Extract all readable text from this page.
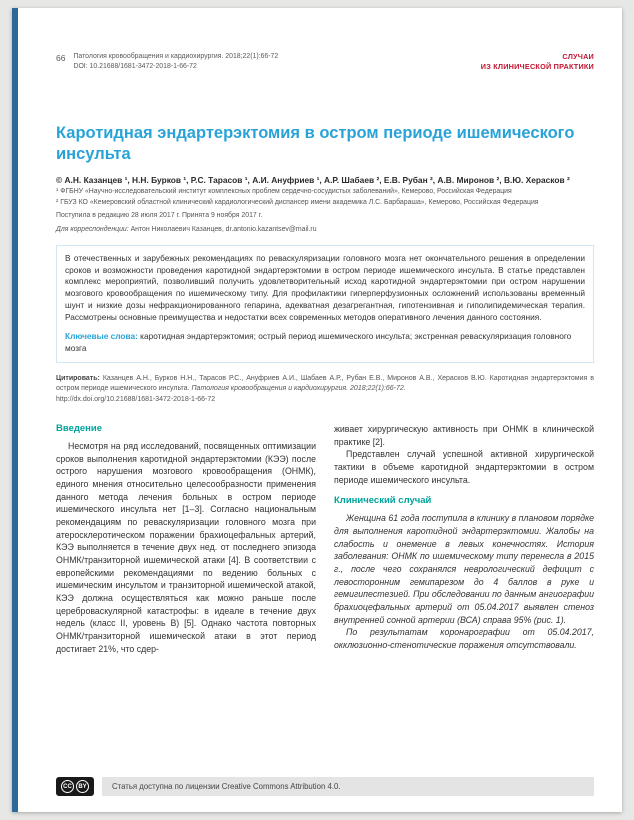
66 Патология кровообращения и кардиохирургия. 2018;22(1):66-72
DOI: 10.21688/1681-3472-2018-1-66-72
СЛУЧАИ
ИЗ КЛИНИЧЕСКОЙ ПРАКТИКИ
Каротидная эндартерэктомия в остром периоде ишемического инсульта
© А.Н. Казанцев ¹, Н.Н. Бурков ¹, Р.С. Тарасов ¹, А.И. Ануфриев ¹, А.Р. Шабаев ², Е.В. Рубан ², А.В. Миронов ², В.Ю. Херасков ²
¹ ФГБНУ «Научно-исследовательский институт комплексных проблем сердечно-сосудистых заболеваний», Кемерово, Российская Федерация
² ГБУЗ КО «Кемеровский областной клинический кардиологический диспансер имени академика Л.С. Барбараша», Кемерово, Российская Федерация
Поступила в редакцию 28 июля 2017 г. Принята 9 ноября 2017 г.
Для корреспонденции: Антон Николаевич Казанцев, dr.antonio.kazantsev@mail.ru

В отечественных и зарубежных рекомендациях по реваскуляризации головного мозга нет окончательного решения в определении сроков и возможности проведения каротидной эндартерэктомии в остром периоде ишемического инсульта. В статье представлен комплекс мероприятий, позволивший получить удовлетворительный исход каротидной эндартерэктомии при остром нарушении мозгового кровообращения по ишемическому типу. Для профилактики гиперперфузионных осложнений использованы временный шунт и низкие дозы нефракционированного гепарина, адекватная дезагрегантная, гипотензивная и гиполипидемическая терапия. Рассмотрены основные преимущества и недостатки всех современных методов оперативного лечения данного состояния.

Ключевые слова: каротидная эндартерэктомия; острый период ишемического инсульта; экстренная реваскуляризация головного мозга

Цитировать: Казанцев А.Н., Бурков Н.Н., Тарасов Р.С., Ануфриев А.И., Шабаев А.Р., Рубан Е.В., Миронов А.В., Херасков В.Ю. Каротидная эндартерэктомия в остром периоде ишемического инсульта. Патология кровообращения и кардиохирургия. 2018;22(1):66-72.
http://dx.doi.org/10.21688/1681-3472-2018-1-66-72
Введение

Несмотря на ряд исследований, посвященных оптимизации сроков выполнения каротидной эндартерэктомии (КЭЭ) после острого нарушения мозгового кровообращения (ОНМК), единого мнения относительно целесообразности применения данного метода лечения больных в остром периоде ишемического инсульта нет [1–3]. Согласно национальным рекомендациям по реваскуляризации головного мозга при атеросклеротическом поражении брахиоцефальных артерий, КЭЭ выполняется в течение двух нед. от последнего эпизода ОНМК/транзиторной ишемической атаки [4]. В соответствии с европейскими рекомендациями по ведению больных с ишемическим инсультом и транзиторной ишемической атакой, КЭЭ должна осуществляться как можно раньше после цереброваскулярной катастрофы: в идеале в течение двух недель (класс II, уровень B) [5]. Однако частота повторных ОНМК/транзиторной ишемической атаки в этот период достигает 21%, что сдер-

живает хирургическую активность при ОНМК в клинической практике [2].

Представлен случай успешной активной хирургической тактики в объеме каротидной эндартерэктомии в остром периоде ишемического инсульта.

Клинический случай

Женщина 61 года поступила в клинику в плановом порядке для выполнения каротидной эндартерэктомии. Жалобы на слабость и онемение в левых конечностях. История заболевания: ОНМК по ишемическому типу перенесла в 2015 г., после чего сохранялся неврологический дефицит с левосторонним гемипарезом до 4 баллов в руке и гемигипестезией. При обследовании по данным ангиографии брахиоцефальных артерий от 05.04.2017 выявлен стеноз внутренней сонной артерии (ВСА) справа 95% (рис. 1).

По результатам коронарографии от 05.04.2017, окклюзионно-стенотические поражения отсутствовали.

CC	BY	Статья доступна по лицензии Creative Commons Attribution 4.0.
